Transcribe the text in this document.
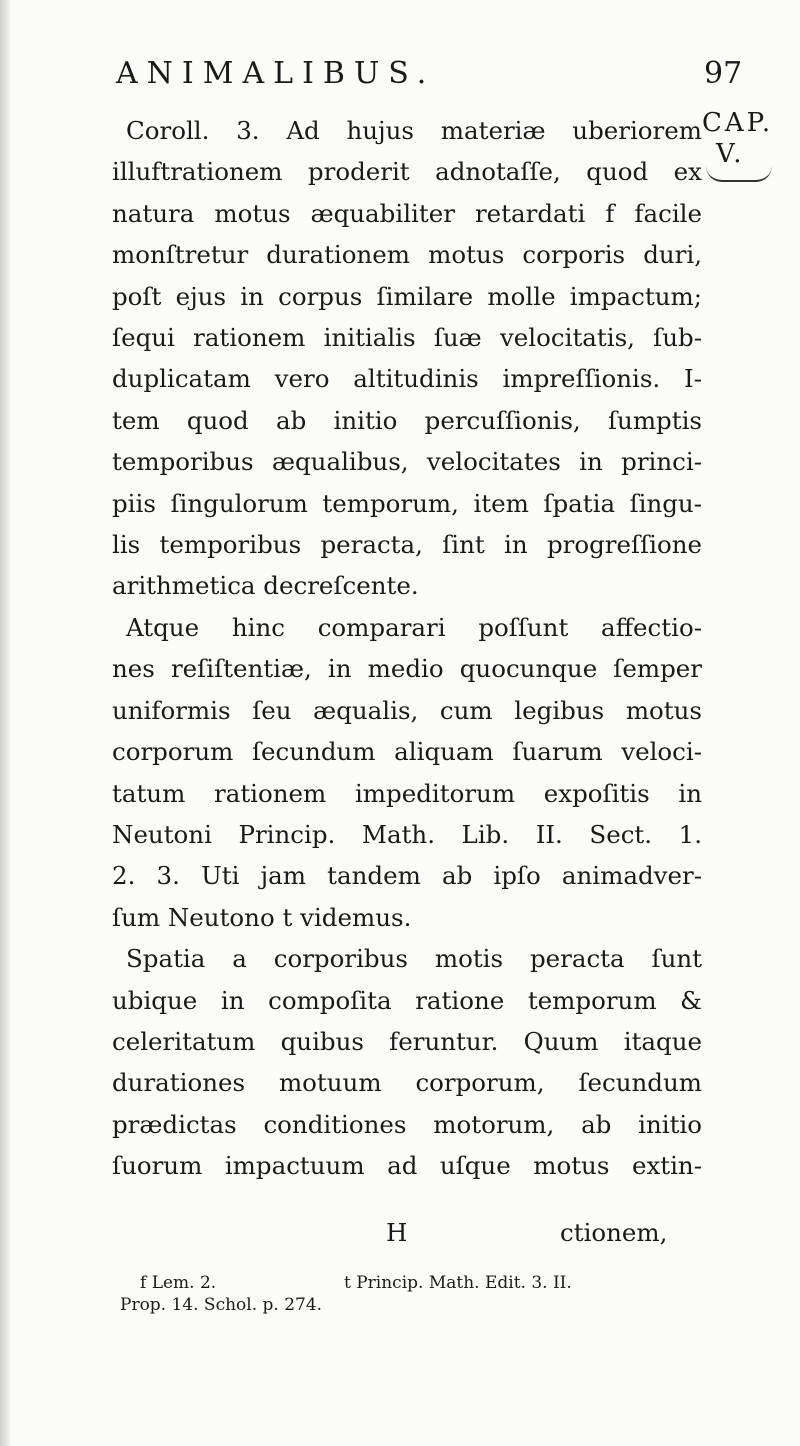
ANIMALIBUS.	97
CAP.
V.
Coroll. 3. Ad hujus materiæ uberiorem
illuftrationem proderit adnotaſſe, quod ex
natura motus æquabiliter retardati f facile
monſtretur durationem motus corporis duri,
poſt ejus in corpus ſimilare molle impactum;
ſequi rationem initialis ſuæ velocitatis, ſub-
duplicatam vero altitudinis impreſſionis. I-
tem quod ab initio percuſſionis, ſumptis
temporibus æqualibus, velocitates in princi-
piis ſingulorum temporum, item ſpatia ſingu-
lis temporibus peracta, ſint in progreſſione
arithmetica decreſcente.
Atque hinc comparari poſſunt affectio-
nes reſiſtentiæ, in medio quocunque ſemper
uniformis ſeu æqualis, cum legibus motus
corporum ſecundum aliquam ſuarum veloci-
tatum rationem impeditorum expoſitis in
Neutoni Princip. Math. Lib. II. Sect. 1.
2. 3. Uti jam tandem ab ipſo animadver-
ſum Neutono t videmus.
Spatia a corporibus motis peracta ſunt
ubique in compoſita ratione temporum &
celeritatum quibus feruntur. Quum itaque
durationes motuum corporum, ſecundum
prædictas conditiones motorum, ab initio
ſuorum impactuum ad uſque motus extin-
H	ctionem,
f Lem. 2.	t Princip. Math. Edit. 3. II.
Prop. 14. Schol. p. 274.
